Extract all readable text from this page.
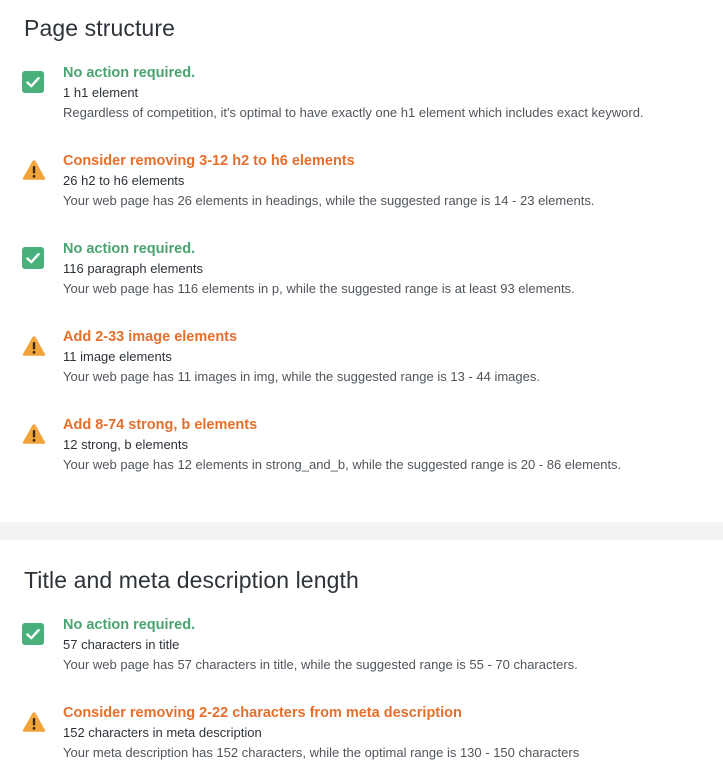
Page structure
No action required.
1 h1 element
Regardless of competition, it's optimal to have exactly one h1 element which includes exact keyword.
Consider removing 3-12 h2 to h6 elements
26 h2 to h6 elements
Your web page has 26 elements in headings, while the suggested range is 14 - 23 elements.
No action required.
116 paragraph elements
Your web page has 116 elements in p, while the suggested range is at least 93 elements.
Add 2-33 image elements
11 image elements
Your web page has 11 images in img, while the suggested range is 13 - 44 images.
Add 8-74 strong, b elements
12 strong, b elements
Your web page has 12 elements in strong_and_b, while the suggested range is 20 - 86 elements.
Title and meta description length
No action required.
57 characters in title
Your web page has 57 characters in title, while the suggested range is 55 - 70 characters.
Consider removing 2-22 characters from meta description
152 characters in meta description
Your meta description has 152 characters, while the optimal range is 130 - 150 characters
